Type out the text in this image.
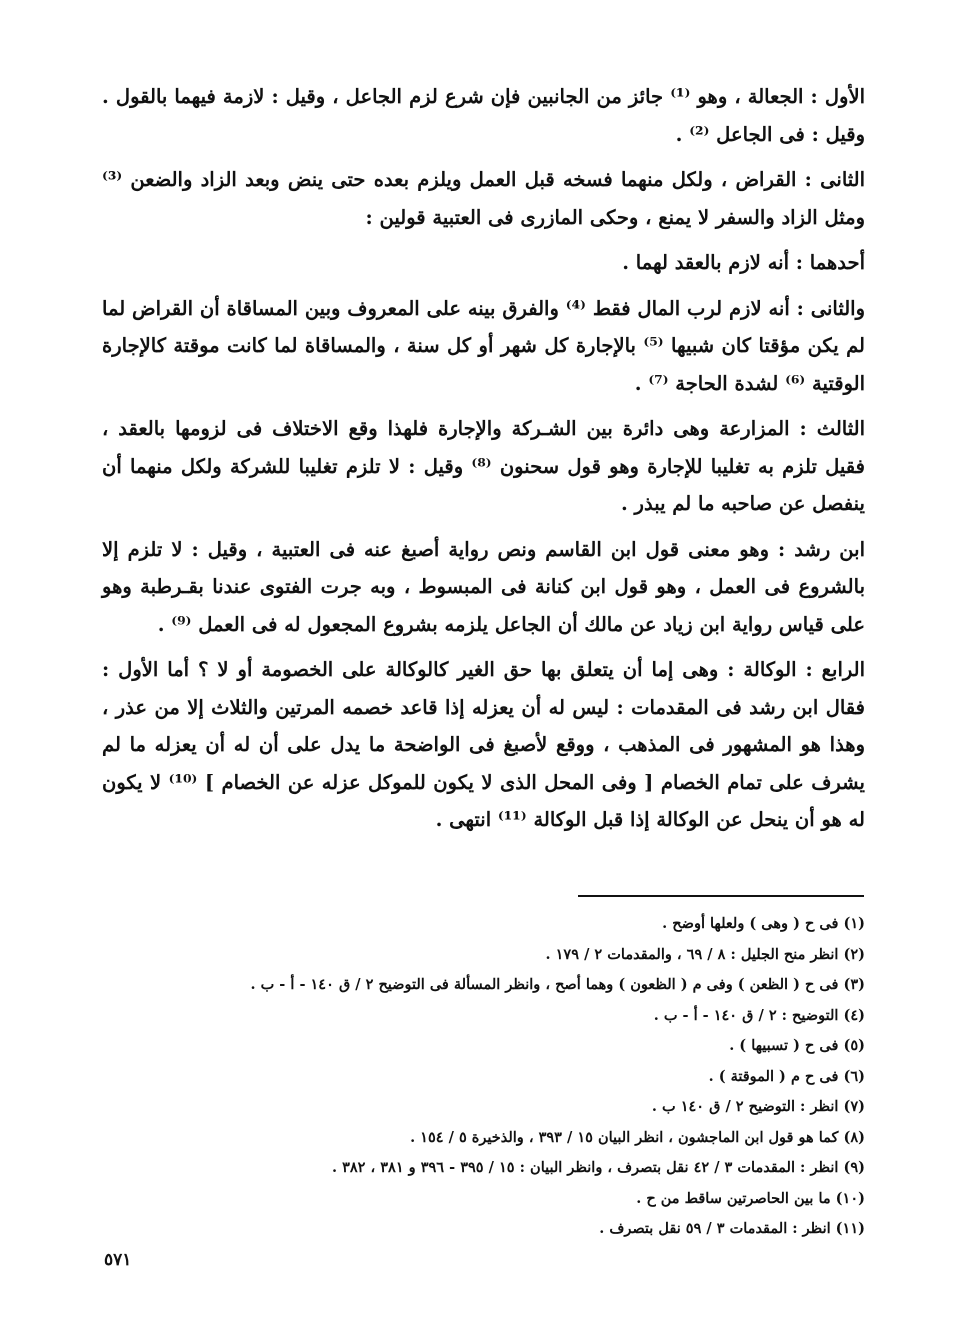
الأول : الجعالة ، وهو ⁽¹⁾ جائز من الجانبين فإن شرع لزم الجاعل ، وقيل : لازمة فيهما بالقول . وقيل : فى الجاعل ⁽²⁾ .

الثانى : القراض ، ولكل منهما فسخه قبل العمل ويلزم بعده حتى ينض وبعد الزاد والضعن ⁽³⁾ ومثل الزاد والسفر لا يمنع ، وحكى المازرى فى العتبية قولين :

أحدهما : أنه لازم بالعقد لهما .

والثانى : أنه لازم لرب المال فقط ⁽⁴⁾ والفرق بينه على المعروف وبين المساقاة أن القراض لما لم يكن مؤقتا كان شبيها ⁽⁵⁾ بالإجارة كل شهر أو كل سنة ، والمساقاة لما كانت موقتة كالإجارة الوقتية ⁽⁶⁾ لشدة الحاجة ⁽⁷⁾ .

الثالث : المزارعة وهى دائرة بين الشـركة والإجارة فلهذا وقع الاختلاف فى لزومها بالعقد ، فقيل تلزم به تغليبا للإجارة وهو قول سحنون ⁽⁸⁾ وقيل : لا تلزم تغليبا للشركة ولكل منهما أن ينفصل عن صاحبه ما لم يبذر .

ابن رشد : وهو معنى قول ابن القاسم ونص رواية أصبغ عنه فى العتبية ، وقيل : لا تلزم إلا بالشروع فى العمل ، وهو قول ابن كنانة فى المبسوط ، وبه جرت الفتوى عندنا بقـرطبة وهو على قياس رواية ابن زياد عن مالك أن الجاعل يلزمه بشروع المجعول له فى العمل ⁽⁹⁾ .

الرابع : الوكالة : وهى إما أن يتعلق بها حق الغير كالوكالة على الخصومة أو لا ؟ أما الأول : فقال ابن رشد فى المقدمات : ليس له أن يعزله إذا قاعد خصمه المرتين والثلاث إلا من عذر ، وهذا هو المشهور فى المذهب ، ووقع لأصبغ فى الواضحة ما يدل على أن له أن يعزله ما لم يشرف على تمام الخصام [ وفى المحل الذى لا يكون للموكل عزله عن الخصام ] ⁽¹⁰⁾ لا يكون له هو أن ينحل عن الوكالة إذا قبل الوكالة ⁽¹¹⁾ انتهى .

(١) فى ح ( وهى ) ولعلها أوضح .
(٢) انظر منح الجليل : ٨ / ٦٩ ، والمقدمات ٢ / ١٧٩ .
(٣) فى ح ( الظعن ) وفى م ( الظعون ) وهما أصح ، وانظر المسألة فى التوضيح ٢ / ق ١٤٠ - أ - ب .
(٤) التوضيح : ٢ / ق ١٤٠ - أ - ب .
(٥) فى ح ( تسبيها ) .
(٦) فى ح م ( الموقتة ) .
(٧) انظر : التوضيح ٢ / ق ١٤٠ ب .
(٨) كما هو قول ابن الماجشون ، انظر البيان ١٥ / ٣٩٣ ، والذخيرة ٥ / ١٥٤ .
(٩) انظر : المقدمات ٣ / ٤٢ نقل بتصرف ، وانظر البيان : ١٥ / ٣٩٥ - ٣٩٦ و ٣٨١ ، ٣٨٢ .
(١٠) ما بين الحاصرتين ساقط من ح .
(١١) انظر : المقدمات ٣ / ٥٩ نقل بتصرف .
٥٧١
